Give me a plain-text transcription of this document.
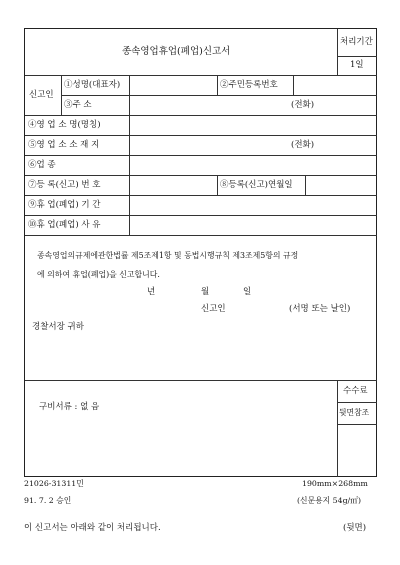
종속영업휴업(폐업)신고서
처리기간
1일
신고인
①성명(대표자)	②주민등록번호
③주 소	(전화)
④영 업 소 명(명칭)
⑤영 업 소 소 재 지	(전화)
⑥업 종
⑦등 록(신고) 번 호	⑧등록(신고)연월일
⑨휴 업(폐업) 기 간
⑩휴 업(폐업) 사 유
종속영업의규제에관한법률 제5조제1항 및 동법시행규칙 제3조제5항의 규정
에 의하여 휴업(폐업)을 신고합니다.
년	월	일
신고인	(서명 또는 날인)
경찰서장 귀하
구비서류 : 없 음
수수료
뒷면참조
21026-31311민	190mm×268mm
91. 7. 2 승인	(신문용지 54g/㎡)
이 신고서는 아래와 같이 처리됩니다.	(뒷면)
